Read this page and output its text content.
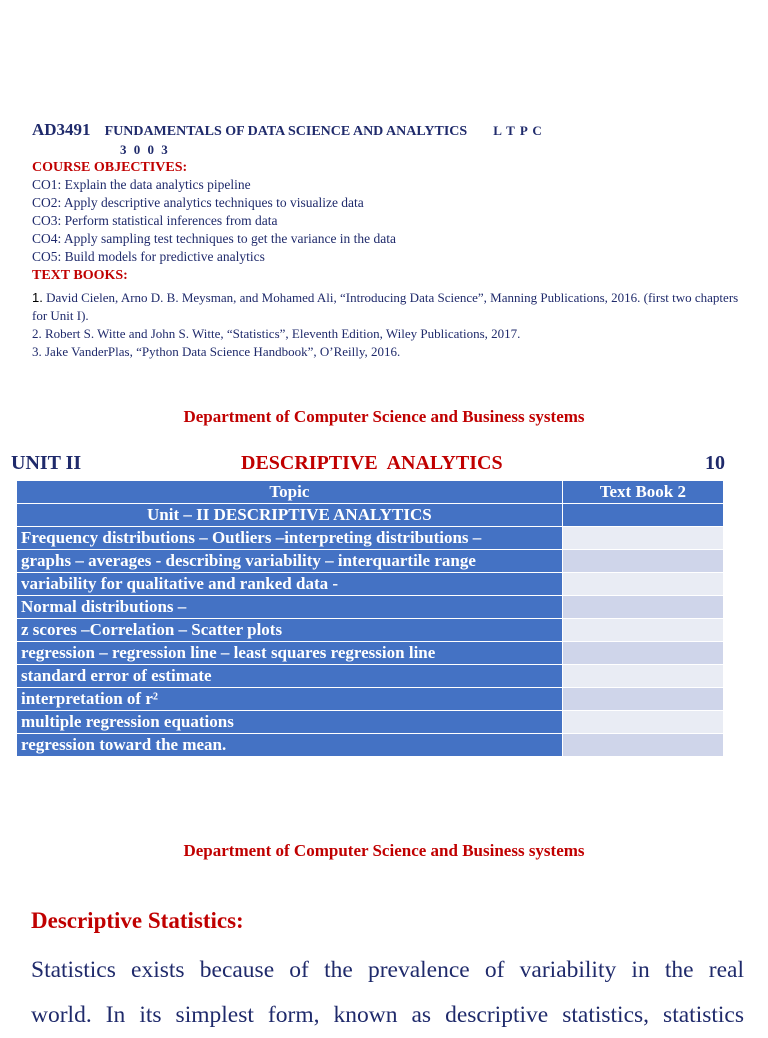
AD3491 FUNDAMENTALS OF DATA SCIENCE AND ANALYTICS L T P C
3 0 0 3
COURSE OBJECTIVES:
CO1: Explain the data analytics pipeline
CO2: Apply descriptive analytics techniques to visualize data
CO3: Perform statistical inferences from data
CO4: Apply sampling test techniques to get the variance in the data
CO5: Build models for predictive analytics
TEXT BOOKS:
1. David Cielen, Arno D. B. Meysman, and Mohamed Ali, “Introducing Data Science”, Manning Publications, 2016. (first two chapters for Unit I).
2. Robert S. Witte and John S. Witte, “Statistics”, Eleventh Edition, Wiley Publications, 2017.
3. Jake VanderPlas, “Python Data Science Handbook”, O’Reilly, 2016.
Department of Computer Science and Business systems
UNIT II	DESCRIPTIVE  ANALYTICS	10
Topic	Text Book 2
Unit – II DESCRIPTIVE ANALYTICS	
Frequency distributions – Outliers –interpreting distributions –	
graphs – averages - describing variability – interquartile range	
variability for qualitative and ranked data -	
Normal distributions –	
z scores –Correlation – Scatter plots	
regression – regression line – least squares regression line	
standard error of estimate	
interpretation of r²	
multiple regression equations	
regression toward the mean.	
Department of Computer Science and Business systems
Descriptive Statistics:
Statistics exists because of the prevalence of variability in the real
world. In its simplest form, known as descriptive statistics, statistics
